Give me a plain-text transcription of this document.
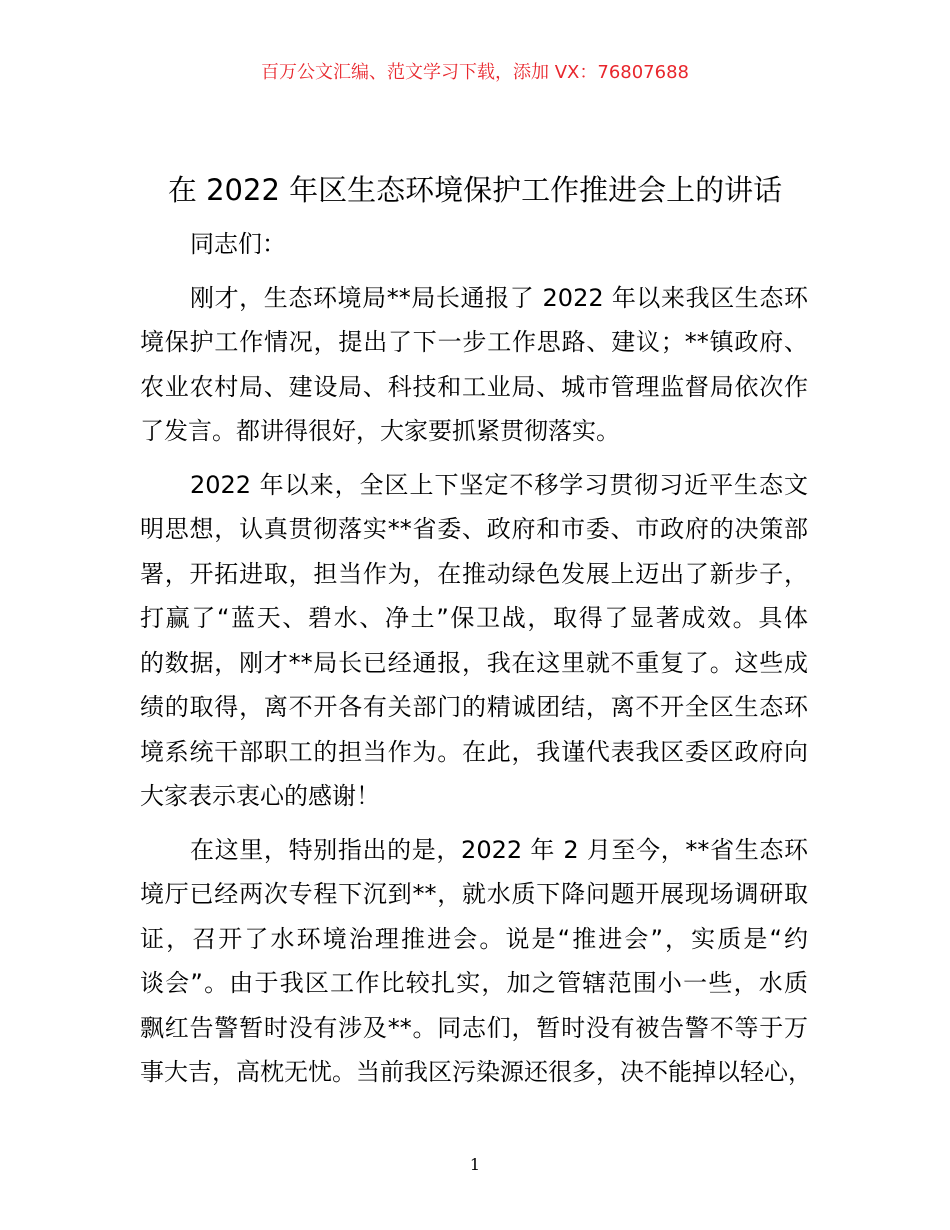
百万公文汇编、范文学习下载，添加 VX：76807688
在 2022 年区生态环境保护工作推进会上的讲话
同志们：
刚才，生态环境局**局长通报了 2022 年以来我区生态环
境保护工作情况，提出了下一步工作思路、建议；**镇政府、
农业农村局、建设局、科技和工业局、城市管理监督局依次作
了发言。都讲得很好，大家要抓紧贯彻落实。
2022 年以来，全区上下坚定不移学习贯彻习近平生态文
明思想，认真贯彻落实**省委、政府和市委、市政府的决策部
署，开拓进取，担当作为，在推动绿色发展上迈出了新步子，
打赢了“蓝天、碧水、净土”保卫战，取得了显著成效。具体
的数据，刚才**局长已经通报，我在这里就不重复了。这些成
绩的取得，离不开各有关部门的精诚团结，离不开全区生态环
境系统干部职工的担当作为。在此，我谨代表我区委区政府向
大家表示衷心的感谢！
在这里，特别指出的是，2022 年 2 月至今，**省生态环
境厅已经两次专程下沉到**，就水质下降问题开展现场调研取
证，召开了水环境治理推进会。说是“推进会”，实质是“约
谈会”。由于我区工作比较扎实，加之管辖范围小一些，水质
飘红告警暂时没有涉及**。同志们，暂时没有被告警不等于万
事大吉，高枕无忧。当前我区污染源还很多，决不能掉以轻心，
1
